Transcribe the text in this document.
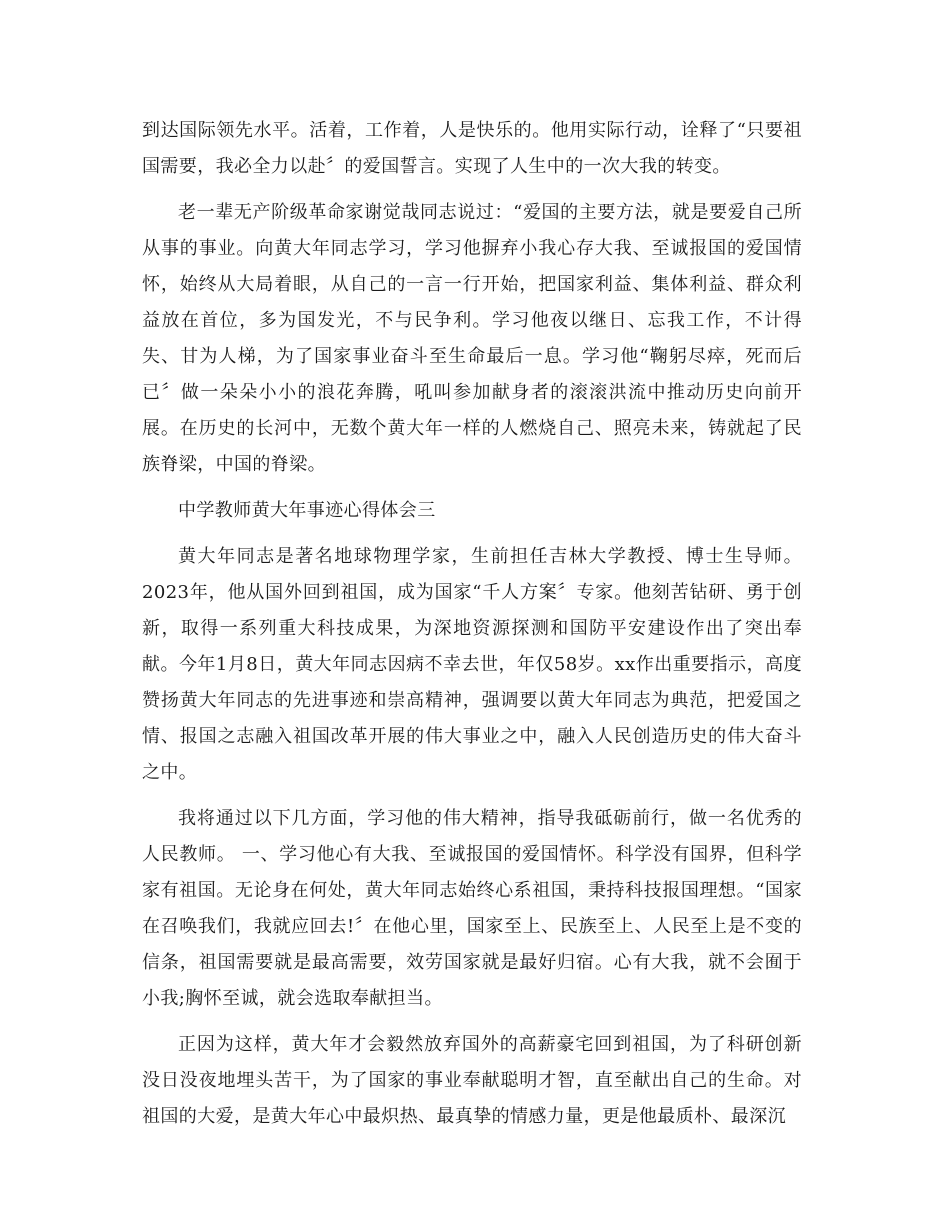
到达国际领先水平。活着，工作着，人是快乐的。他用实际行动，诠释了“只要祖国需要，我必全力以赴〞的爱国誓言。实现了人生中的一次大我的转变。

老一辈无产阶级革命家谢觉哉同志说过：“爱国的主要方法，就是要爱自己所从事的事业。向黄大年同志学习，学习他摒弃小我心存大我、至诚报国的爱国情怀，始终从大局着眼，从自己的一言一行开始，把国家利益、集体利益、群众利益放在首位，多为国发光，不与民争利。学习他夜以继日、忘我工作，不计得失、甘为人梯，为了国家事业奋斗至生命最后一息。学习他“鞠躬尽瘁，死而后已〞做一朵朵小小的浪花奔腾，吼叫参加献身者的滚滚洪流中推动历史向前开展。在历史的长河中，无数个黄大年一样的人燃烧自己、照亮未来，铸就起了民族脊梁，中国的脊梁。

中学教师黄大年事迹心得体会三

黄大年同志是著名地球物理学家，生前担任吉林大学教授、博士生导师。2023年，他从国外回到祖国，成为国家“千人方案〞专家。他刻苦钻研、勇于创新，取得一系列重大科技成果，为深地资源探测和国防平安建设作出了突出奉献。今年1月8日，黄大年同志因病不幸去世，年仅58岁。xx作出重要指示，高度赞扬黄大年同志的先进事迹和崇高精神，强调要以黄大年同志为典范，把爱国之情、报国之志融入祖国改革开展的伟大事业之中，融入人民创造历史的伟大奋斗之中。

我将通过以下几方面，学习他的伟大精神，指导我砥砺前行，做一名优秀的人民教师。 一、学习他心有大我、至诚报国的爱国情怀。科学没有国界，但科学家有祖国。无论身在何处，黄大年同志始终心系祖国，秉持科技报国理想。“国家在召唤我们，我就应回去!〞在他心里，国家至上、民族至上、人民至上是不变的信条，祖国需要就是最高需要，效劳国家就是最好归宿。心有大我，就不会囿于小我;胸怀至诚，就会选取奉献担当。

正因为这样，黄大年才会毅然放弃国外的高薪豪宅回到祖国，为了科研创新没日没夜地埋头苦干，为了国家的事业奉献聪明才智，直至献出自己的生命。对祖国的大爱，是黄大年心中最炽热、最真挚的情感力量，更是他最质朴、最深沉
